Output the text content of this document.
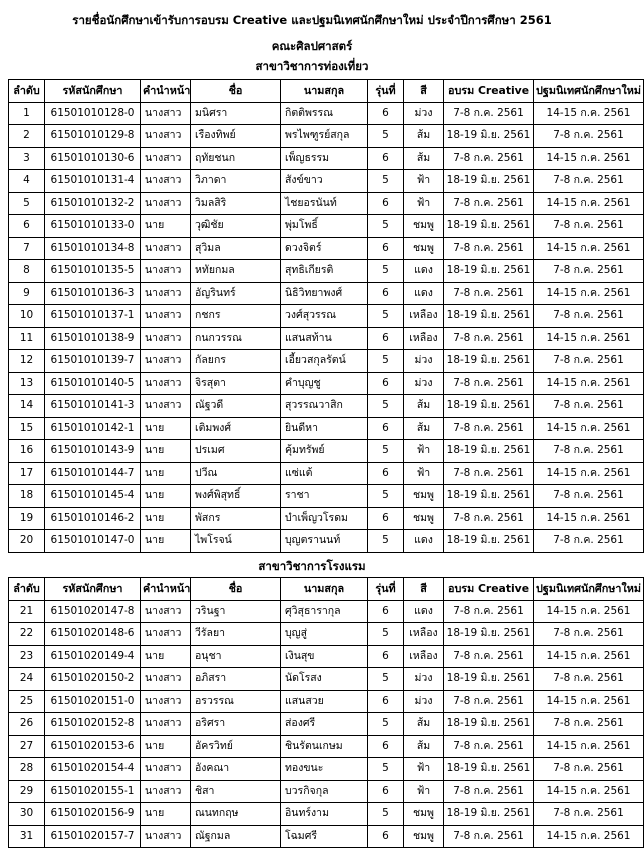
รายชื่อนักศึกษาเข้ารับการอบรม Creative และปฐมนิเทศนักศึกษาใหม่ ประจำปีการศึกษา 2561
คณะศิลปศาสตร์
สาขาวิชาการท่องเที่ยว
ลำดับ	รหัสนักศึกษา	คำนำหน้า	ชื่อ	นามสกุล	รุ่นที่	สี	อบรม Creative	ปฐมนิเทศนักศึกษาใหม่
1	61501010128-0	นางสาว	มนิศรา	กิตติพรรณ	6	ม่วง	7-8 ก.ค. 2561	14-15 ก.ค. 2561
2	61501010129-8	นางสาว	เรืองทิพย์	พรไพฑูรย์สกุล	5	ส้ม	18-19 มิ.ย. 2561	7-8 ก.ค. 2561
3	61501010130-6	นางสาว	ฤทัยชนก	เพ็ญธรรม	6	ส้ม	7-8 ก.ค. 2561	14-15 ก.ค. 2561
4	61501010131-4	นางสาว	วิภาดา	สังข์ขาว	5	ฟ้า	18-19 มิ.ย. 2561	7-8 ก.ค. 2561
5	61501010132-2	นางสาว	วิมลสิริ	ไชยอรนันท์	6	ฟ้า	7-8 ก.ค. 2561	14-15 ก.ค. 2561
6	61501010133-0	นาย	วุฒิชัย	พุ่มโพธิ์	5	ชมพู	18-19 มิ.ย. 2561	7-8 ก.ค. 2561
7	61501010134-8	นางสาว	สุวิมล	ดวงจิตร์	6	ชมพู	7-8 ก.ค. 2561	14-15 ก.ค. 2561
8	61501010135-5	นางสาว	หทัยกมล	สุทธิเกียรติ	5	แดง	18-19 มิ.ย. 2561	7-8 ก.ค. 2561
9	61501010136-3	นางสาว	อัญรินทร์	นิธิวิทยาพงศ์	6	แดง	7-8 ก.ค. 2561	14-15 ก.ค. 2561
10	61501010137-1	นางสาว	กชกร	วงศ์สุวรรณ	5	เหลือง	18-19 มิ.ย. 2561	7-8 ก.ค. 2561
11	61501010138-9	นางสาว	กนกวรรณ	แสนสท้าน	6	เหลือง	7-8 ก.ค. 2561	14-15 ก.ค. 2561
12	61501010139-7	นางสาว	กัลยกร	เอี้ยวสกุลรัตน์	5	ม่วง	18-19 มิ.ย. 2561	7-8 ก.ค. 2561
13	61501010140-5	นางสาว	จิรสุตา	คำบุญชู	6	ม่วง	7-8 ก.ค. 2561	14-15 ก.ค. 2561
14	61501010141-3	นางสาว	ณัฐวดี	สุวรรณวาสิก	5	ส้ม	18-19 มิ.ย. 2561	7-8 ก.ค. 2561
15	61501010142-1	นาย	เติมพงศ์	ยินดีหา	6	ส้ม	7-8 ก.ค. 2561	14-15 ก.ค. 2561
16	61501010143-9	นาย	ปรเมศ	คุ้มทรัพย์	5	ฟ้า	18-19 มิ.ย. 2561	7-8 ก.ค. 2561
17	61501010144-7	นาย	ปวีณ	แซ่แต้	6	ฟ้า	7-8 ก.ค. 2561	14-15 ก.ค. 2561
18	61501010145-4	นาย	พงศ์พิสุทธิ์	ราชา	5	ชมพู	18-19 มิ.ย. 2561	7-8 ก.ค. 2561
19	61501010146-2	นาย	พัสกร	บำเพ็ญวโรดม	6	ชมพู	7-8 ก.ค. 2561	14-15 ก.ค. 2561
20	61501010147-0	นาย	ไพโรจน์	บุญตรานนท์	5	แดง	18-19 มิ.ย. 2561	7-8 ก.ค. 2561
สาขาวิชาการโรงแรม
ลำดับ	รหัสนักศึกษา	คำนำหน้า	ชื่อ	นามสกุล	รุ่นที่	สี	อบรม Creative	ปฐมนิเทศนักศึกษาใหม่
21	61501020147-8	นางสาว	วรินฐา	ศุวิสุธารากุล	6	แดง	7-8 ก.ค. 2561	14-15 ก.ค. 2561
22	61501020148-6	นางสาว	วีรัลยา	บุญสู่	5	เหลือง	18-19 มิ.ย. 2561	7-8 ก.ค. 2561
23	61501020149-4	นาย	อนุชา	เงินสุข	6	เหลือง	7-8 ก.ค. 2561	14-15 ก.ค. 2561
24	61501020150-2	นางสาว	อภิสรา	นัดโรสง	5	ม่วง	18-19 มิ.ย. 2561	7-8 ก.ค. 2561
25	61501020151-0	นางสาว	อรวรรณ	แสนสวย	6	ม่วง	7-8 ก.ค. 2561	14-15 ก.ค. 2561
26	61501020152-8	นางสาว	อริศรา	ส่องศรี	5	ส้ม	18-19 มิ.ย. 2561	7-8 ก.ค. 2561
27	61501020153-6	นาย	อัครวิทย์	ชินรัตนเกษม	6	ส้ม	7-8 ก.ค. 2561	14-15 ก.ค. 2561
28	61501020154-4	นางสาว	อังคณา	ทองขนะ	5	ฟ้า	18-19 มิ.ย. 2561	7-8 ก.ค. 2561
29	61501020155-1	นางสาว	ชิสา	บวรกิจกุล	6	ฟ้า	7-8 ก.ค. 2561	14-15 ก.ค. 2561
30	61501020156-9	นาย	ณนทกฤษ	อินทร์งาม	5	ชมพู	18-19 มิ.ย. 2561	7-8 ก.ค. 2561
31	61501020157-7	นางสาว	ณัฐกมล	โฉมศรี	6	ชมพู	7-8 ก.ค. 2561	14-15 ก.ค. 2561
